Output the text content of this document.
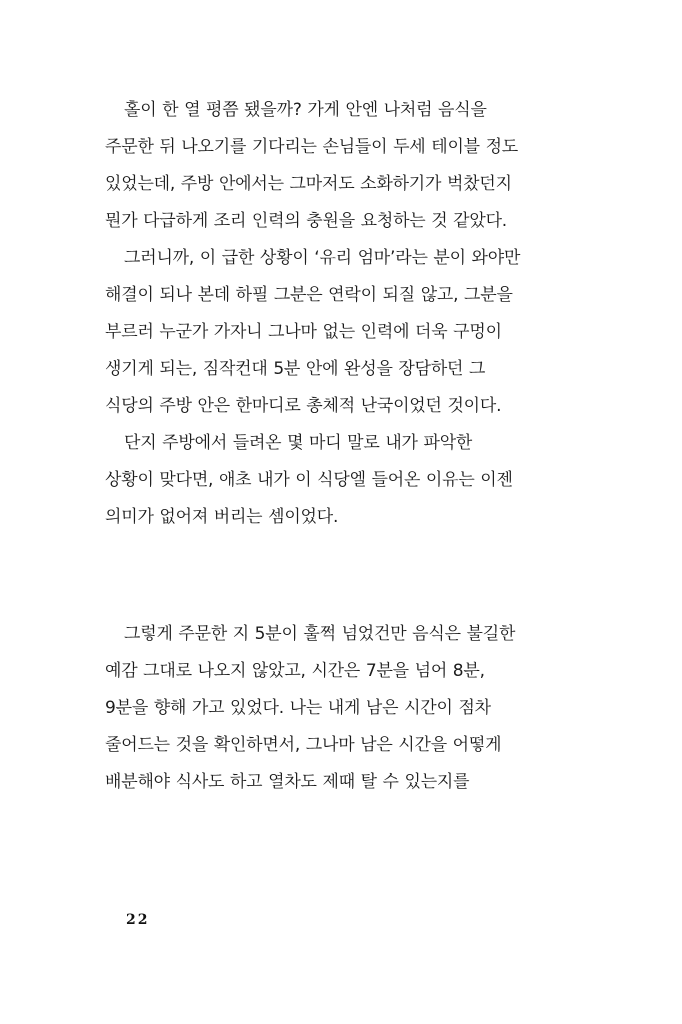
홀이 한 열 평쯤 됐을까? 가게 안엔 나처럼 음식을
주문한 뒤 나오기를 기다리는 손님들이 두세 테이블 정도
있었는데, 주방 안에서는 그마저도 소화하기가 벅찼던지
뭔가 다급하게 조리 인력의 충원을 요청하는 것 같았다.
그러니까, 이 급한 상황이 ‘유리 엄마’라는 분이 와야만
해결이 되나 본데 하필 그분은 연락이 되질 않고, 그분을
부르러 누군가 가자니 그나마 없는 인력에 더욱 구멍이
생기게 되는, 짐작컨대 5분 안에 완성을 장담하던 그
식당의 주방 안은 한마디로 총체적 난국이었던 것이다.
단지 주방에서 들려온 몇 마디 말로 내가 파악한
상황이 맞다면, 애초 내가 이 식당엘 들어온 이유는 이젠
의미가 없어져 버리는 셈이었다.
그렇게 주문한 지 5분이 훌쩍 넘었건만 음식은 불길한
예감 그대로 나오지 않았고, 시간은 7분을 넘어 8분,
9분을 향해 가고 있었다. 나는 내게 남은 시간이 점차
줄어드는 것을 확인하면서, 그나마 남은 시간을 어떻게
배분해야 식사도 하고 열차도 제때 탈 수 있는지를
22
